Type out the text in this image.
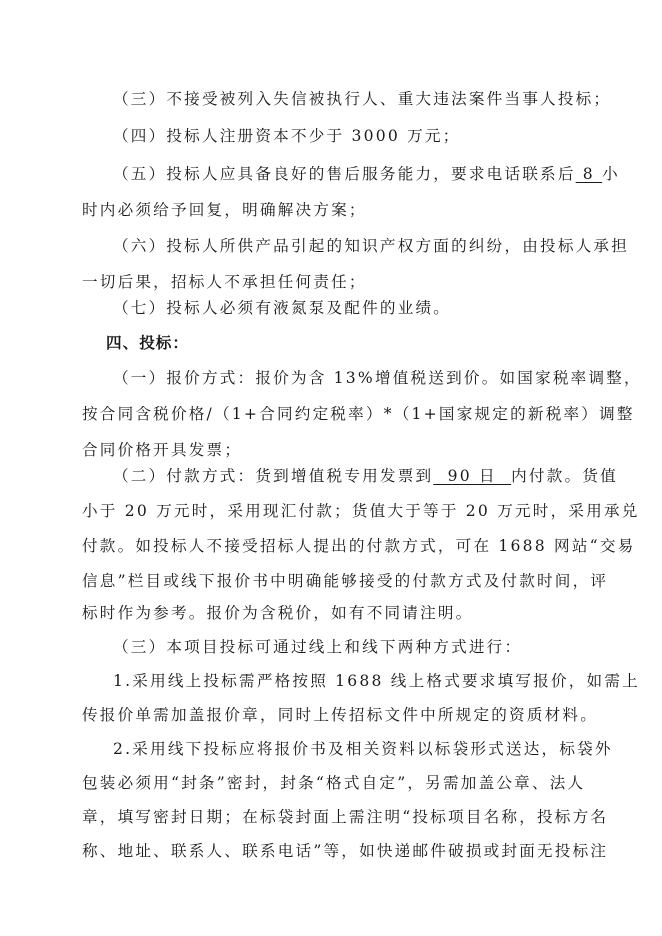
（三）不接受被列入失信被执行人、重大违法案件当事人投标；
（四）投标人注册资本不少于 3000 万元；
（五）投标人应具备良好的售后服务能力，要求电话联系后 8 小
时内必须给予回复，明确解决方案；
（六）投标人所供产品引起的知识产权方面的纠纷，由投标人承担
一切后果，招标人不承担任何责任；
（七）投标人必须有液氮泵及配件的业绩。
四、投标：
（一）报价方式：报价为含 13%增值税送到价。如国家税率调整，
按合同含税价格/（1+合同约定税率）*（1+国家规定的新税率）调整
合同价格开具发票；
（二）付款方式：货到增值税专用发票到  90 日  内付款。货值
小于 20 万元时，采用现汇付款；货值大于等于 20 万元时，采用承兑
付款。如投标人不接受招标人提出的付款方式，可在 1688 网站“交易
信息”栏目或线下报价书中明确能够接受的付款方式及付款时间，评
标时作为参考。报价为含税价，如有不同请注明。
（三）本项目投标可通过线上和线下两种方式进行：
1.采用线上投标需严格按照 1688 线上格式要求填写报价，如需上
传报价单需加盖报价章，同时上传招标文件中所规定的资质材料。
2.采用线下投标应将报价书及相关资料以标袋形式送达，标袋外
包装必须用“封条”密封，封条“格式自定”，另需加盖公章、法人
章，填写密封日期；在标袋封面上需注明“投标项目名称，投标方名
称、地址、联系人、联系电话”等，如快递邮件破损或封面无投标注
